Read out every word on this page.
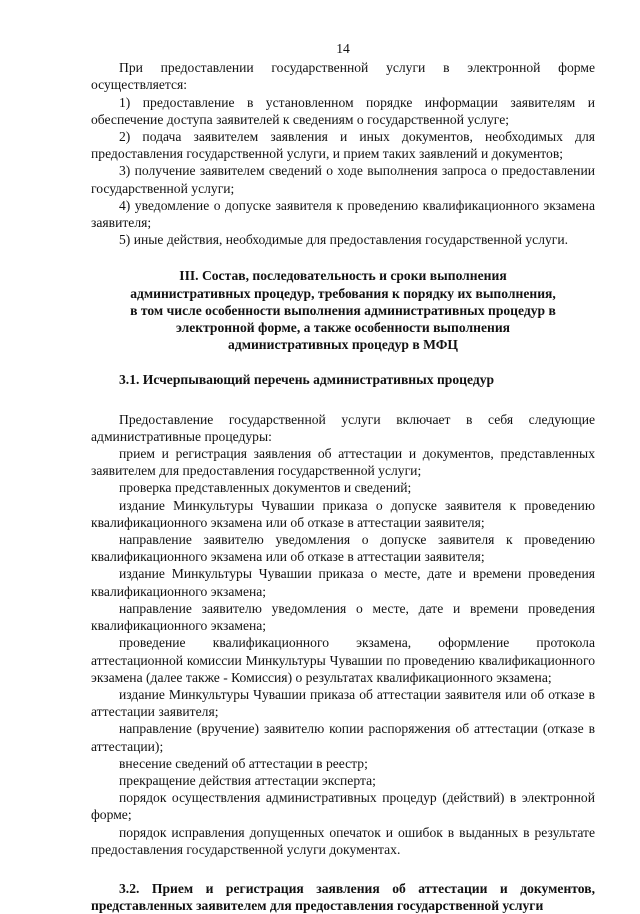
14

При предоставлении государственной услуги в электронной форме осуществляется:

1) предоставление в установленном порядке информации заявителям и обеспечение доступа заявителей к сведениям о государственной услуге;

2) подача заявителем заявления и иных документов, необходимых для предоставления государственной услуги, и прием таких заявлений и документов;

3) получение заявителем сведений о ходе выполнения запроса о предоставлении государственной услуги;

4) уведомление о допуске заявителя к проведению квалификационного экзамена заявителя;

5) иные действия, необходимые для предоставления государственной услуги.

III. Состав, последовательность и сроки выполнения
административных процедур, требования к порядку их выполнения,
в том числе особенности выполнения административных процедур в
электронной форме, а также особенности выполнения
административных процедур в МФЦ

3.1. Исчерпывающий перечень административных процедур

Предоставление государственной услуги включает в себя следующие административные процедуры:

прием и регистрация заявления об аттестации и документов, представленных заявителем для предоставления государственной услуги;

проверка представленных документов и сведений;

издание Минкультуры Чувашии приказа о допуске заявителя к проведению квалификационного экзамена или об отказе в аттестации заявителя;

направление заявителю уведомления о допуске заявителя к проведению квалификационного экзамена или об отказе в аттестации заявителя;

издание Минкультуры Чувашии приказа о месте, дате и времени проведения квалификационного экзамена;

направление заявителю уведомления о месте, дате и времени проведения квалификационного экзамена;

проведение квалификационного экзамена, оформление протокола аттестационной комиссии Минкультуры Чувашии по проведению квалификационного экзамена (далее также - Комиссия) о результатах квалификационного экзамена;

издание Минкультуры Чувашии приказа об аттестации заявителя или об отказе в аттестации заявителя;

направление (вручение) заявителю копии распоряжения об аттестации (отказе в аттестации);

внесение сведений об аттестации в реестр;

прекращение действия аттестации эксперта;

порядок осуществления административных процедур (действий) в электронной форме;

порядок исправления допущенных опечаток и ошибок в выданных в результате предоставления государственной услуги документах.

3.2. Прием и регистрация заявления об аттестации и документов, представленных заявителем для предоставления государственной услуги
